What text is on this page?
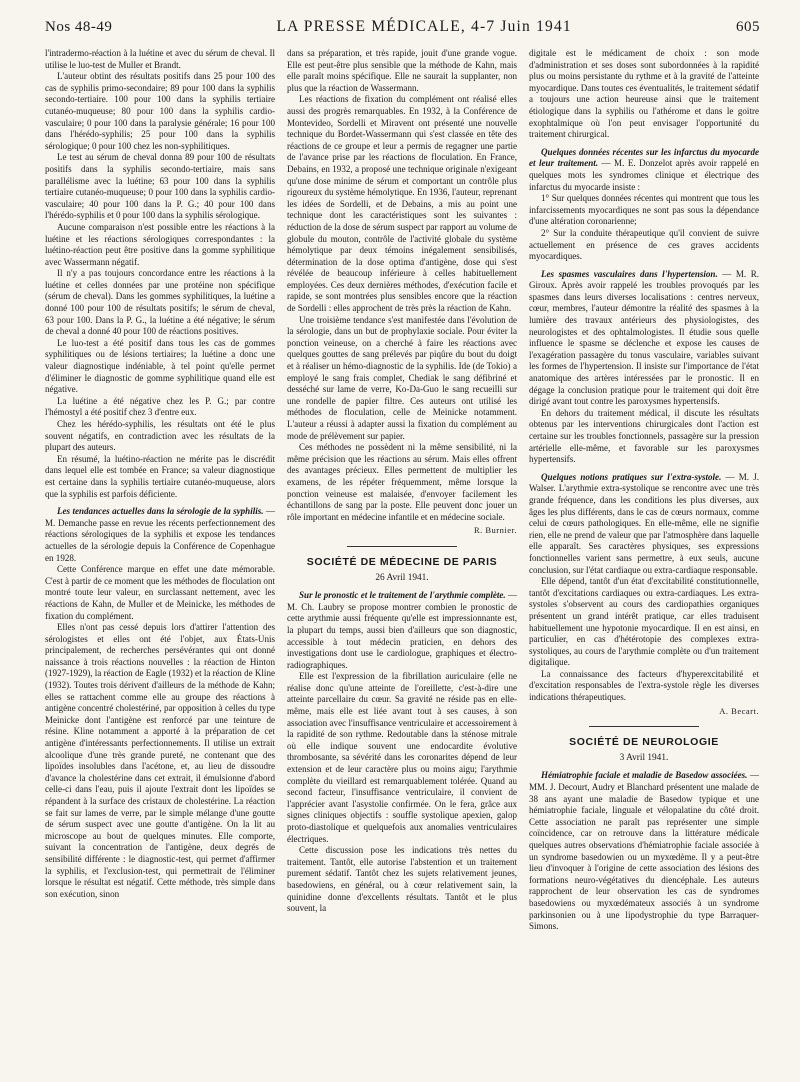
Nos 48-49	LA PRESSE MÉDICALE, 4-7 Juin 1941	605

l'intradermo-réaction à la luétine et avec du sérum de cheval. Il utilise le luo-test de Muller et Brandt.

L'auteur obtint des résultats positifs dans 25 pour 100 des cas de syphilis primo-secondaire; 89 pour 100 dans la syphilis secondo-tertiaire. 100 pour 100 dans la syphilis tertiaire cutanéo-muqueuse; 80 pour 100 dans la syphilis cardio-vasculaire; 0 pour 100 dans la paralysie générale; 16 pour 100 dans l'hérédo-syphilis; 25 pour 100 dans la syphilis sérologique; 0 pour 100 chez les non-syphilitiques.

Le test au sérum de cheval donna 89 pour 100 de résultats positifs dans la syphilis secondo-tertiaire, mais sans parallélisme avec la luétine; 63 pour 100 dans la syphilis tertiaire cutanéo-muqueuse; 0 pour 100 dans la syphilis cardio-vasculaire; 40 pour 100 dans la P. G.; 40 pour 100 dans l'hérédo-syphilis et 0 pour 100 dans la syphilis sérologique.

Aucune comparaison n'est possible entre les réactions à la luétine et les réactions sérologiques correspondantes : la luétino-réaction peut être positive dans la gomme syphilitique avec Wassermann négatif.

Il n'y a pas toujours concordance entre les réactions à la luétine et celles données par une protéine non spécifique (sérum de cheval). Dans les gommes syphilitiques, la luétine a donné 100 pour 100 de résultats positifs; le sérum de cheval, 63 pour 100. Dans la P. G., la luétine a été négative; le sérum de cheval a donné 40 pour 100 de réactions positives.

Le luo-test a été positif dans tous les cas de gommes syphilitiques ou de lésions tertiaires; la luétine a donc une valeur diagnostique indéniable, à tel point qu'elle permet d'éliminer le diagnostic de gomme syphilitique quand elle est négative.

La luétine a été négative chez les P. G.; par contre l'hémostyl a été positif chez 3 d'entre eux.

Chez les hérédo-syphilis, les résultats ont été le plus souvent négatifs, en contradiction avec les résultats de la plupart des auteurs.

En résumé, la luétino-réaction ne mérite pas le discrédit dans lequel elle est tombée en France; sa valeur diagnostique est certaine dans la syphilis tertiaire cutanéo-muqueuse, alors que la syphilis est parfois déficiente.

Les tendances actuelles dans la sérologie de la syphilis. — M. Demanche passe en revue les récents perfectionnement des réactions sérologiques de la syphilis et expose les tendances actuelles de la sérologie depuis la Conférence de Copenhague en 1928.

Cette Conférence marque en effet une date mémorable. C'est à partir de ce moment que les méthodes de floculation ont montré toute leur valeur, en surclassant nettement, avec les réactions de Kahn, de Muller et de Meinicke, les méthodes de fixation du complément.

Elles n'ont pas cessé depuis lors d'attirer l'attention des sérologistes et elles ont été l'objet, aux États-Unis principalement, de recherches persévérantes qui ont donné naissance à trois réactions nouvelles : la réaction de Hinton (1927-1929), la réaction de Eagle (1932) et la réaction de Kline (1932). Toutes trois dérivent d'ailleurs de la méthode de Kahn; elles se rattachent comme elle au groupe des réactions à antigène concentré cholestériné, par opposition à celles du type Meinicke dont l'antigène est renforcé par une teinture de résine. Kline notamment a apporté à la préparation de cet antigène d'intéressants perfectionnements. Il utilise un extrait alcoolique d'une très grande pureté, ne contenant que des lipoïdes insolubles dans l'acétone, et, au lieu de dissoudre d'avance la cholestérine dans cet extrait, il émulsionne d'abord celle-ci dans l'eau, puis il ajoute l'extrait dont les lipoïdes se répandent à la surface des cristaux de cholestérine. La réaction se fait sur lames de verre, par le simple mélange d'une goutte de sérum suspect avec une goutte d'antigène. On la lit au microscope au bout de quelques minutes. Elle comporte, suivant la concentration de l'antigène, deux degrés de sensibilité différente : le diagnostic-test, qui permet d'affirmer la syphilis, et l'exclusion-test, qui permettrait de l'éliminer lorsque le résultat est négatif. Cette méthode, très simple dans son exécution, sinon

dans sa préparation, et très rapide, jouit d'une grande vogue. Elle est peut-être plus sensible que la méthode de Kahn, mais elle paraît moins spécifique. Elle ne saurait la supplanter, non plus que la réaction de Wassermann.

Les réactions de fixation du complément ont réalisé elles aussi des progrès remarquables. En 1932, à la Conférence de Montevideo, Sordelli et Miravent ont présenté une nouvelle technique du Bordet-Wassermann qui s'est classée en tête des réactions de ce groupe et leur a permis de regagner une partie de l'avance prise par les réactions de floculation. En France, Debains, en 1932, a proposé une technique originale n'exigeant qu'une dose minime de sérum et comportant un contrôle plus rigoureux du système hémolytique. En 1936, l'auteur, reprenant les idées de Sordelli, et de Debains, a mis au point une technique dont les caractéristiques sont les suivantes : réduction de la dose de sérum suspect par rapport au volume de globule du mouton, contrôle de l'activité globale du système hémolytique par deux témoins inégalement sensibilisés, détermination de la dose optima d'antigène, dose qui s'est révélée de beaucoup inférieure à celles habituellement employées. Ces deux dernières méthodes, d'exécution facile et rapide, se sont montrées plus sensibles encore que la réaction de Sordelli : elles approchent de très près la réaction de Kahn.

Une troisième tendance s'est manifestée dans l'évolution de la sérologie, dans un but de prophylaxie sociale. Pour éviter la ponction veineuse, on a cherché à faire les réactions avec quelques gouttes de sang prélevés par piqûre du bout du doigt et à réaliser un hémo-diagnostic de la syphilis. Ide (de Tokio) a employé le sang frais complet, Chediak le sang défibriné et desséché sur lame de verre, Ko-Da-Guo le sang recueilli sur une rondelle de papier filtre. Ces auteurs ont utilisé les méthodes de floculation, celle de Meinicke notamment. L'auteur a réussi à adapter aussi la fixation du complément au mode de prélèvement sur papier.

Ces méthodes ne possèdent ni la même sensibilité, ni la même précision que les réactions au sérum. Mais elles offrent des avantages précieux. Elles permettent de multiplier les examens, de les répéter fréquemment, même lorsque la ponction veineuse est malaisée, d'envoyer facilement les échantillons de sang par la poste. Elle peuvent donc jouer un rôle important en médecine infantile et en médecine sociale.

R. Burnier.

SOCIÉTÉ DE MÉDECINE DE PARIS
26 Avril 1941.

Sur le pronostic et le traitement de l'arythmie complète. — M. Ch. Laubry se propose montrer combien le pronostic de cette arythmie aussi fréquente qu'elle est impressionnante est, la plupart du temps, aussi bien d'ailleurs que son diagnostic, accessible à tout médecin praticien, en dehors des investigations dont use le cardiologue, graphiques et électro-radiographiques.

Elle est l'expression de la fibrillation auriculaire (elle ne réalise donc qu'une atteinte de l'oreillette, c'est-à-dire une atteinte parcellaire du cœur. Sa gravité ne réside pas en elle-même, mais elle est liée avant tout à ses causes, à son association avec l'insuffisance ventriculaire et accessoirement à la rapidité de son rythme. Redoutable dans la sténose mitrale où elle indique souvent une endocardite évolutive thrombosante, sa sévérité dans les coronarites dépend de leur extension et de leur caractère plus ou moins aigu; l'arythmie complète du vieillard est remarquablement tolérée. Quand au second facteur, l'insuffisance ventriculaire, il convient de l'apprécier avant l'asystolie confirmée. On le fera, grâce aux signes cliniques objectifs : souffle systolique apexien, galop proto-diastolique et quelquefois aux anomalies ventriculaires électriques.

Cette discussion pose les indications très nettes du traitement. Tantôt, elle autorise l'abstention et un traitement purement sédatif. Tantôt chez les sujets relativement jeunes, basedowiens, en général, ou à cœur relativement sain, la quinidine donne d'excellents résultats. Tantôt et le plus souvent, la

digitale est le médicament de choix : son mode d'administration et ses doses sont subordonnées à la rapidité plus ou moins persistante du rythme et à la gravité de l'atteinte myocardique. Dans toutes ces éventualités, le traitement sédatif a toujours une action heureuse ainsi que le traitement étiologique dans la syphilis ou l'athérome et dans le goitre exophtalmique où l'on peut envisager l'opportunité du traitement chirurgical.

Quelques données récentes sur les infarctus du myocarde et leur traitement. — M. E. Donzelot après avoir rappelé en quelques mots les syndromes clinique et électrique des infarctus du myocarde insiste :

1° Sur quelques données récentes qui montrent que tous les infarcissements myocardiques ne sont pas sous la dépendance d'une altération coronarienne;

2° Sur la conduite thérapeutique qu'il convient de suivre actuellement en présence de ces graves accidents myocardiques.

Les spasmes vasculaires dans l'hypertension. — M. R. Giroux. Après avoir rappelé les troubles provoqués par les spasmes dans leurs diverses localisations : centres nerveux, cœur, membres, l'auteur démontre la réalité des spasmes à la lumière des travaux antérieurs des physiologistes, des neurologistes et des ophtalmologistes. Il étudie sous quelle influence le spasme se déclenche et expose les causes de l'exagération passagère du tonus vasculaire, variables suivant les formes de l'hypertension. Il insiste sur l'importance de l'état anatomique des artères intéressées par le pronostic. Il en dégage la conclusion pratique pour le traitement qui doit être dirigé avant tout contre les paroxysmes hypertensifs.

En dehors du traitement médical, il discute les résultats obtenus par les interventions chirurgicales dont l'action est certaine sur les troubles fonctionnels, passagère sur la pression artérielle elle-même, et favorable sur les paroxysmes hypertensifs.

Quelques notions pratiques sur l'extra-systole. — M. J. Walser. L'arythmie extra-systolique se rencontre avec une très grande fréquence, dans les conditions les plus diverses, aux âges les plus différents, dans le cas de cœurs normaux, comme celui de cœurs pathologiques. En elle-même, elle ne signifie rien, elle ne prend de valeur que par l'atmosphère dans laquelle elle apparaît. Ses caractères physiques, ses expressions fonctionnelles varient sans permettre, à eux seuls, aucune conclusion, sur l'état cardiaque ou extra-cardiaque responsable.

Elle dépend, tantôt d'un état d'excitabilité constitutionnelle, tantôt d'excitations cardiaques ou extra-cardiaques. Les extra-systoles s'observent au cours des cardiopathies organiques présentent un grand intérêt pratique, car elles traduisent habituellement une hypotonie myocardique. Il en est ainsi, en particulier, en cas d'hétérotopie des complexes extra-systoliques, au cours de l'arythmie complète ou d'un traitement digitalique.

La connaissance des facteurs d'hyperexcitabilité et d'excitation responsables de l'extra-systole règle les diverses indications thérapeutiques.

A. Becart.

SOCIÉTÉ DE NEUROLOGIE
3 Avril 1941.

Hémiatrophie faciale et maladie de Basedow associées. — MM. J. Decourt, Audry et Blanchard présentent une malade de 38 ans ayant une maladie de Basedow typique et une hémiatrophie faciale, linguale et vélopalatine du côté droit. Cette association ne paraît pas représenter une simple coïncidence, car on retrouve dans la littérature médicale quelques autres observations d'hémiatrophie faciale associée à un syndrome basedowien ou un myxœdème. Il y a peut-être lieu d'invoquer à l'origine de cette association des lésions des formations neuro-végétatives du diencéphale. Les auteurs rapprochent de leur observation les cas de syndromes basedowiens ou myxœdémateux associés à un syndrome parkinsonien ou à une lipodystrophie du type Barraquer-Simons.
